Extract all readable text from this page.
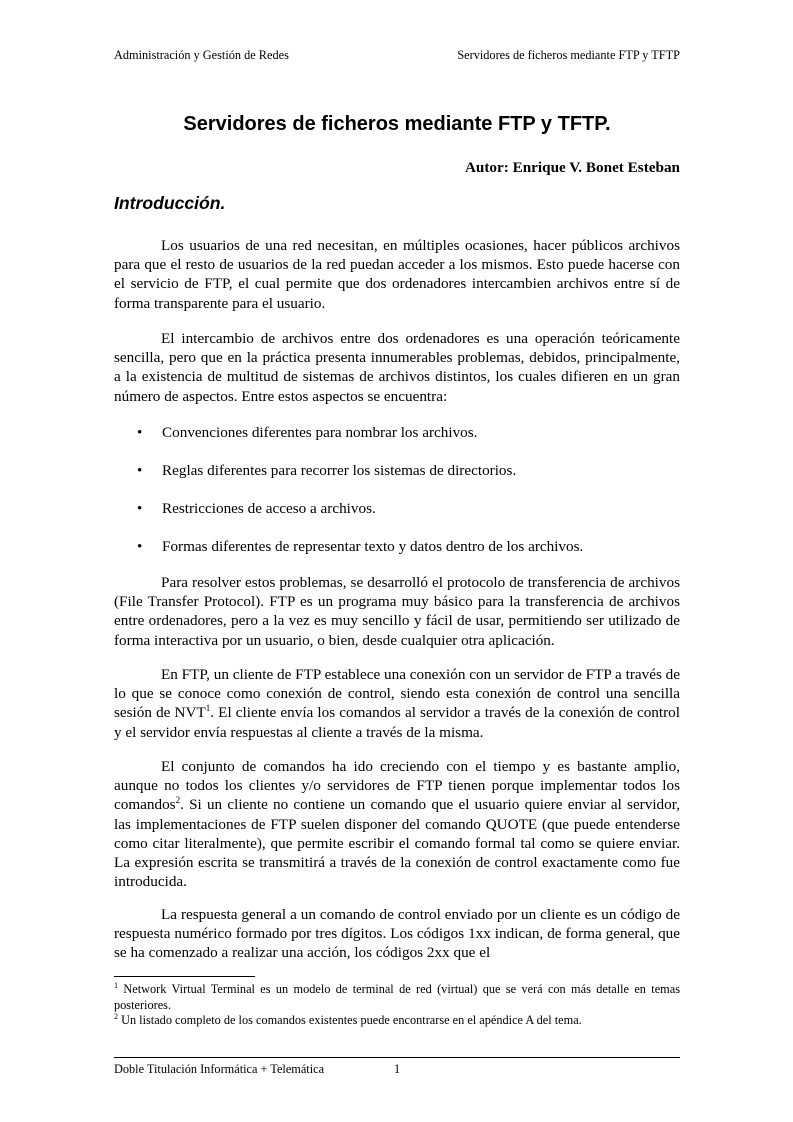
Administración y Gestión de Redes	Servidores de ficheros mediante FTP y TFTP
Servidores de ficheros mediante FTP y TFTP.
Autor: Enrique V. Bonet Esteban
Introducción.

Los usuarios de una red necesitan, en múltiples ocasiones, hacer públicos archivos para que el resto de usuarios de la red puedan acceder a los mismos. Esto puede hacerse con el servicio de FTP, el cual permite que dos ordenadores intercambien archivos entre sí de forma transparente para el usuario.

El intercambio de archivos entre dos ordenadores es una operación teóricamente sencilla, pero que en la práctica presenta innumerables problemas, debidos, principalmente, a la existencia de multitud de sistemas de archivos distintos, los cuales difieren en un gran número de aspectos. Entre estos aspectos se encuentra:

• Convenciones diferentes para nombrar los archivos.
• Reglas diferentes para recorrer los sistemas de directorios.
• Restricciones de acceso a archivos.
• Formas diferentes de representar texto y datos dentro de los archivos.

Para resolver estos problemas, se desarrolló el protocolo de transferencia de archivos (File Transfer Protocol). FTP es un programa muy básico para la transferencia de archivos entre ordenadores, pero a la vez es muy sencillo y fácil de usar, permitiendo ser utilizado de forma interactiva por un usuario, o bien, desde cualquier otra aplicación.

En FTP, un cliente de FTP establece una conexión con un servidor de FTP a través de lo que se conoce como conexión de control, siendo esta conexión de control una sencilla sesión de NVT$^1$. El cliente envía los comandos al servidor a través de la conexión de control y el servidor envía respuestas al cliente a través de la misma.

El conjunto de comandos ha ido creciendo con el tiempo y es bastante amplio, aunque no todos los clientes y/o servidores de FTP tienen porque implementar todos los comandos$^2$. Si un cliente no contiene un comando que el usuario quiere enviar al servidor, las implementaciones de FTP suelen disponer del comando QUOTE (que puede entenderse como citar literalmente), que permite escribir el comando formal tal como se quiere enviar. La expresión escrita se transmitirá a través de la conexión de control exactamente como fue introducida.

La respuesta general a un comando de control enviado por un cliente es un código de respuesta numérico formado por tres dígitos. Los códigos 1xx indican, de forma general, que se ha comenzado a realizar una acción, los códigos 2xx que el

$^1$ Network Virtual Terminal es un modelo de terminal de red (virtual) que se verá con más detalle en temas posteriores.

$^2$ Un listado completo de los comandos existentes puede encontrarse en el apéndice A del tema.

Doble Titulación Informática + Telemática	1
